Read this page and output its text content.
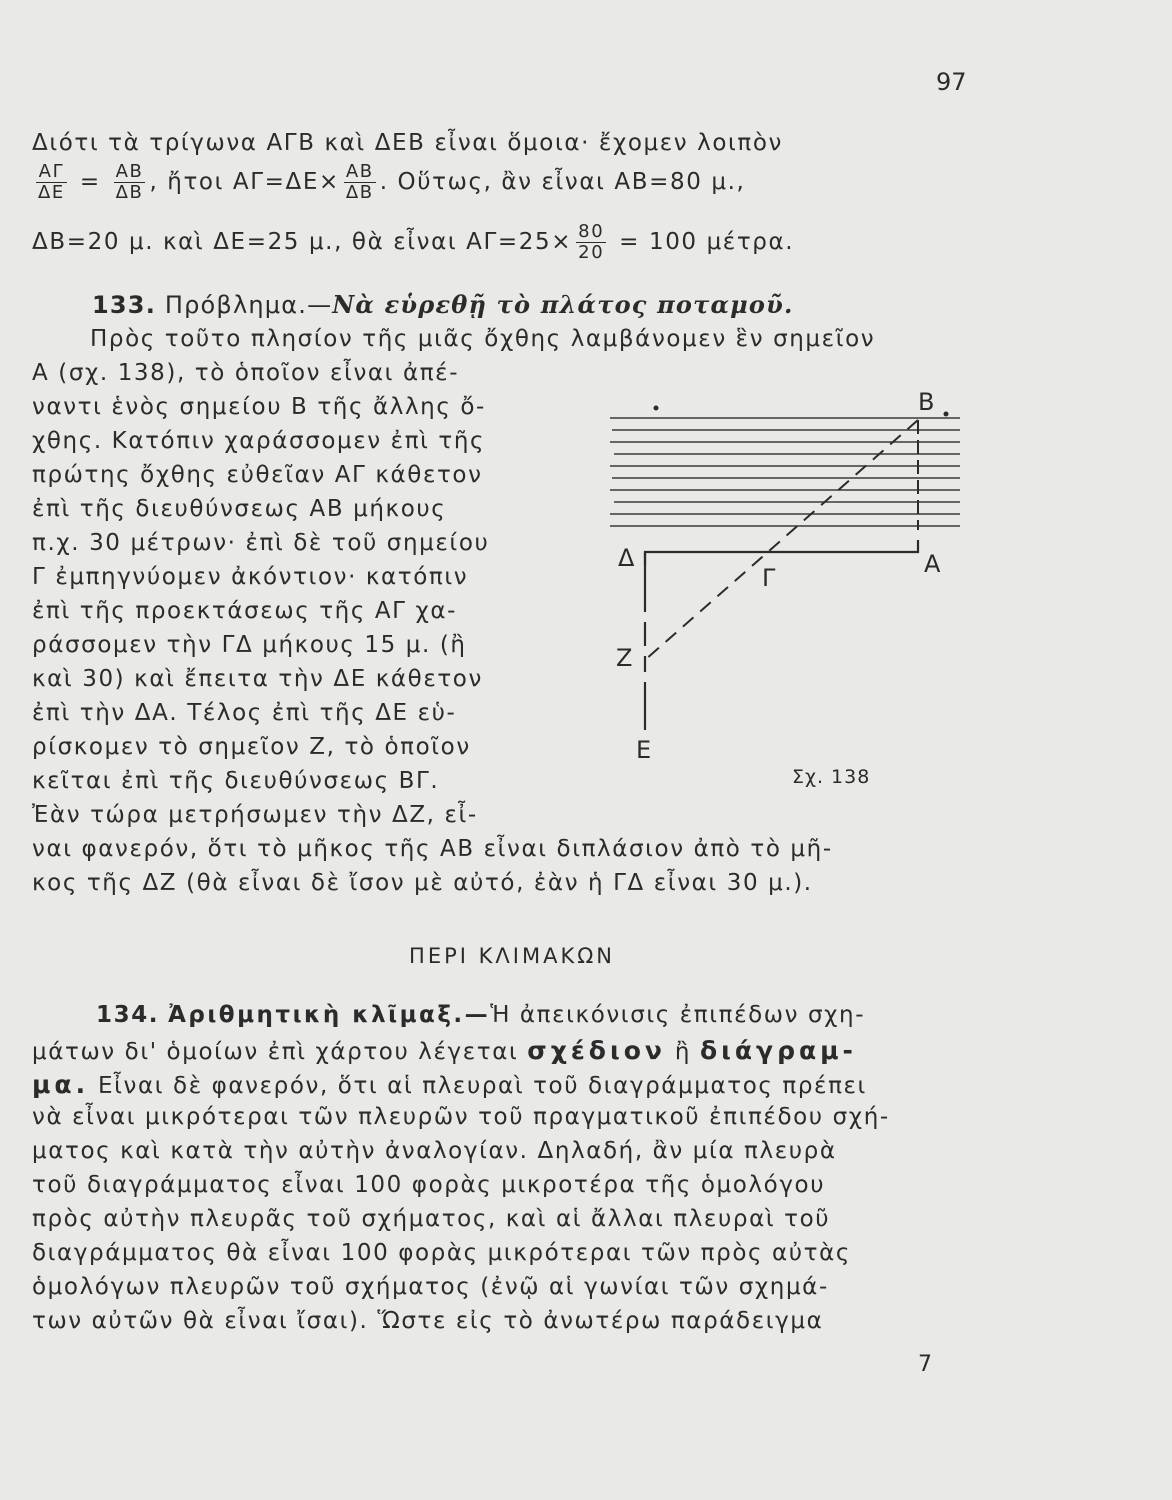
97
Διότι τὰ τρίγωνα ΑΓΒ καὶ ΔΕΒ εἶναι ὅμοια· ἔχομεν λοιπὸν
$\frac{A\Gamma}{\Delta E} = \frac{AB}{\Delta B}$ , ἤτοι $A\Gamma=\Delta E\times \frac{AB}{\Delta B}$ . Οὕτως, ἂν εἶναι ΑΒ=80 μ.,
ΔΒ=20 μ. καὶ ΔΕ=25 μ., θὰ εἶναι $A\Gamma=25\times \frac{80}{20} = 100$ μέτρα.
133. Πρόβλημα.—Νὰ εὑρεθῇ τὸ πλάτος ποταμοῦ.
Πρὸς τοῦτο πλησίον τῆς μιᾶς ὄχθης λαμβάνομεν ἓν σημεῖον
Α (σχ. 138), τὸ ὁποῖον εἶναι ἀπέ-
ναντι ἑνὸς σημείου Β τῆς ἄλλης ὄ-
χθης. Κατόπιν χαράσσομεν ἐπὶ τῆς
πρώτης ὄχθης εὐθεῖαν ΑΓ κάθετον
ἐπὶ τῆς διευθύνσεως ΑΒ μήκους
π.χ. 30 μέτρων· ἐπὶ δὲ τοῦ σημείου
Γ ἐμπηγνύομεν ἀκόντιον· κατόπιν
ἐπὶ τῆς προεκτάσεως τῆς ΑΓ χα-
ράσσομεν τὴν ΓΔ μήκους 15 μ. (ἢ
καὶ 30) καὶ ἔπειτα τὴν ΔΕ κάθετον
ἐπὶ τὴν ΔΑ. Τέλος ἐπὶ τῆς ΔΕ εὑ-
ρίσκομεν τὸ σημεῖον Ζ, τὸ ὁποῖον
κεῖται ἐπὶ τῆς διευθύνσεως ΒΓ.
Ἐὰν τώρα μετρήσωμεν τὴν ΔΖ, εἶ-
ναι φανερόν, ὅτι τὸ μῆκος τῆς ΑΒ εἶναι διπλάσιον ἀπὸ τὸ μῆ-
κος τῆς ΔΖ (θὰ εἶναι δὲ ἴσον μὲ αὐτό, ἐὰν ἡ ΓΔ εἶναι 30 μ.).
Β
Α
Γ
Δ
Ζ
Ε
Σχ. 138
ΠΕΡΙ ΚΛΙΜΑΚΩΝ
134. Ἀριθμητικὴ κλῖμαξ.—Ἡ ἀπεικόνισις ἐπιπέδων σχη-
μάτων δι' ὁμοίων ἐπὶ χάρτου λέγεται σχέδιον ἢ διάγραμ-
μα. Εἶναι δὲ φανερόν, ὅτι αἱ πλευραὶ τοῦ διαγράμματος πρέπει
νὰ εἶναι μικρότεραι τῶν πλευρῶν τοῦ πραγματικοῦ ἐπιπέδου σχή-
ματος καὶ κατὰ τὴν αὐτὴν ἀναλογίαν. Δηλαδή, ἂν μία πλευρὰ
τοῦ διαγράμματος εἶναι 100 φορὰς μικροτέρα τῆς ὁμολόγου
πρὸς αὐτὴν πλευρᾶς τοῦ σχήματος, καὶ αἱ ἄλλαι πλευραὶ τοῦ
διαγράμματος θὰ εἶναι 100 φορὰς μικρότεραι τῶν πρὸς αὐτὰς
ὁμολόγων πλευρῶν τοῦ σχήματος (ἐνῷ αἱ γωνίαι τῶν σχημά-
των αὐτῶν θὰ εἶναι ἴσαι). Ὥστε εἰς τὸ ἀνωτέρω παράδειγμα
7
